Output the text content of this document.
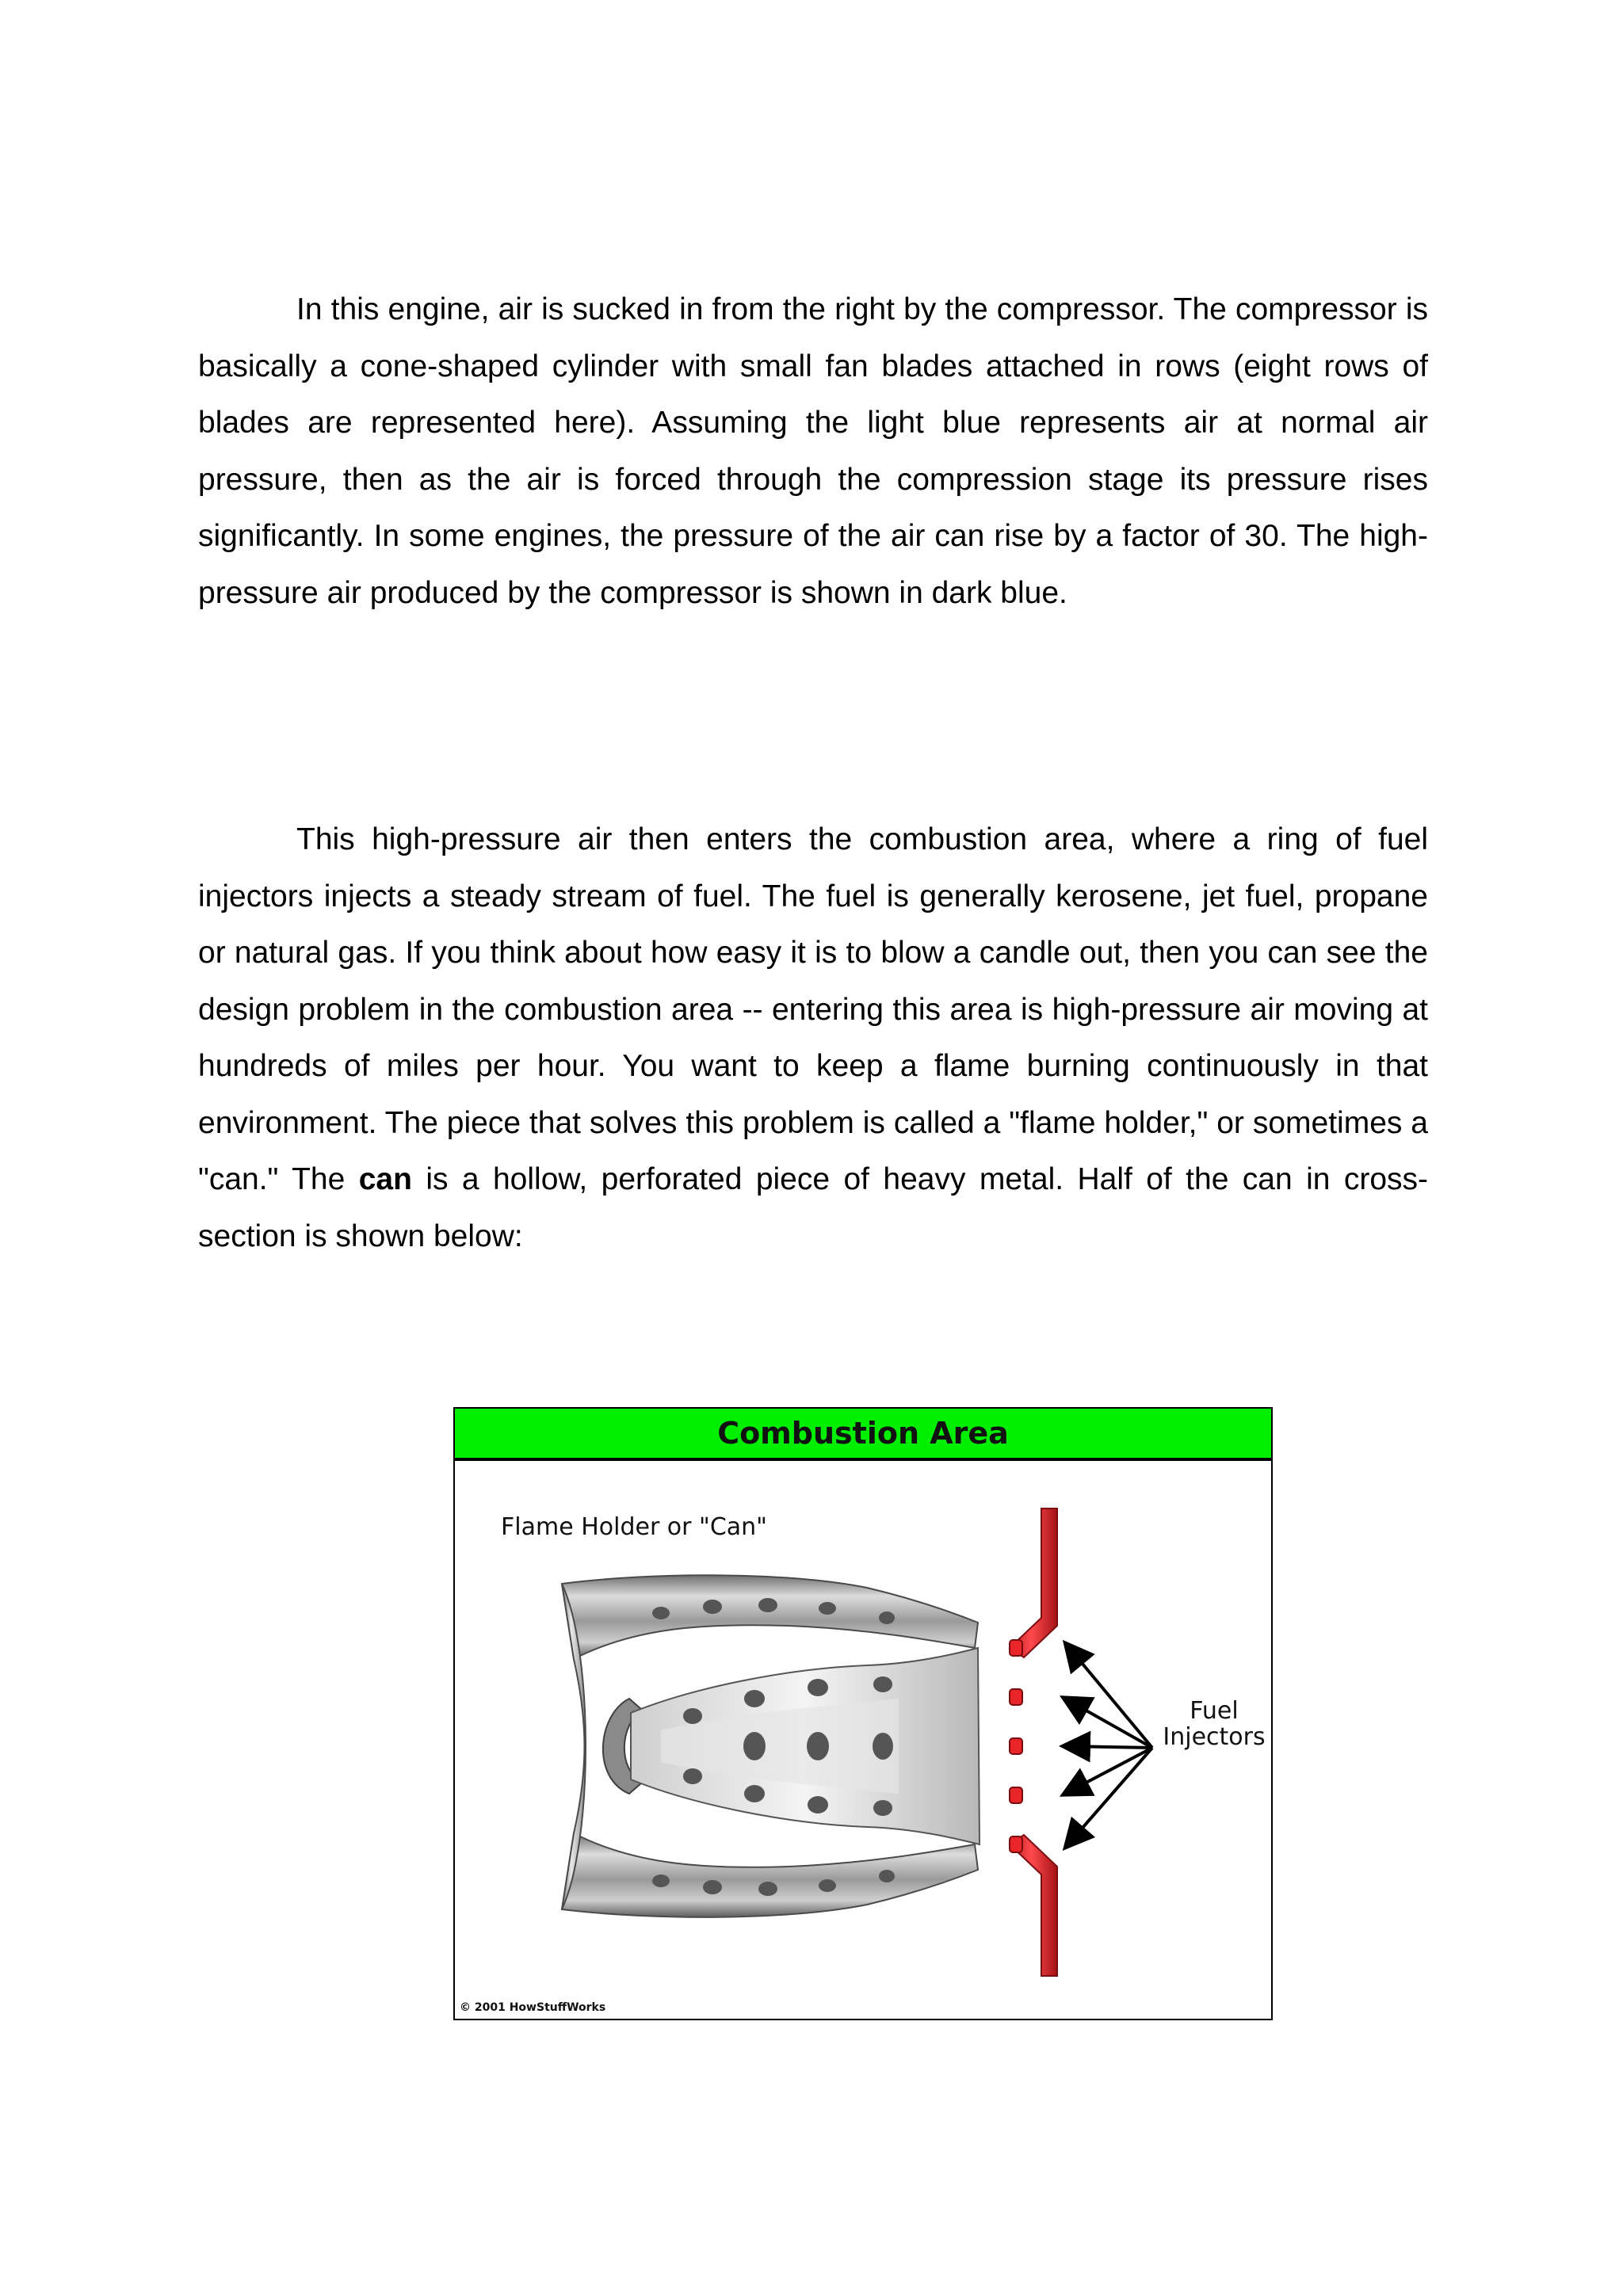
In this engine, air is sucked in from the right by the compressor. The compressor is basically a cone-shaped cylinder with small fan blades attached in rows (eight rows of blades are represented here). Assuming the light blue represents air at normal air pressure, then as the air is forced through the compression stage its pressure rises significantly. In some engines, the pressure of the air can rise by a factor of 30. The high-pressure air produced by the compressor is shown in dark blue.

This high-pressure air then enters the combustion area, where a ring of fuel injectors injects a steady stream of fuel. The fuel is generally kerosene, jet fuel, propane or natural gas. If you think about how easy it is to blow a candle out, then you can see the design problem in the combustion area -- entering this area is high-pressure air moving at hundreds of miles per hour. You want to keep a flame burning continuously in that environment. The piece that solves this problem is called a "flame holder," or sometimes a "can." The can is a hollow, perforated piece of heavy metal. Half of the can in cross-section is shown below:

Combustion Area
Flame Holder or "Can"
Fuel
Injectors
© 2001 HowStuffWorks
